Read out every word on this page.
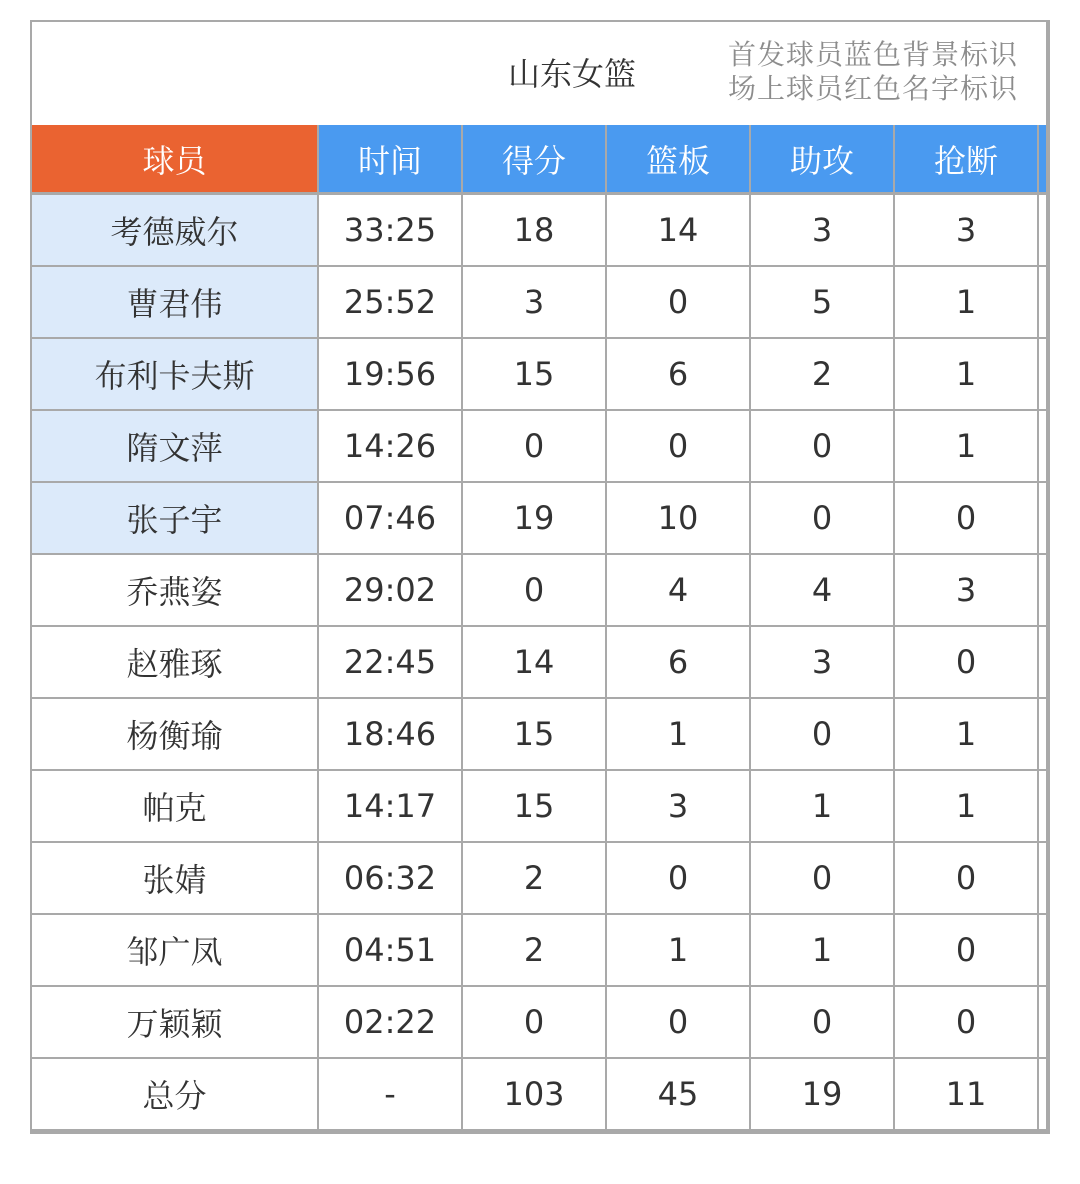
山东女篮
首发球员蓝色背景标识
场上球员红色名字标识
球员	时间	得分	篮板	助攻	抢断
考德威尔	33:25	18	14	3	3
曹君伟	25:52	3	0	5	1
布利卡夫斯	19:56	15	6	2	1
隋文萍	14:26	0	0	0	1
张子宇	07:46	19	10	0	0
乔燕姿	29:02	0	4	4	3
赵雅琢	22:45	14	6	3	0
杨衡瑜	18:46	15	1	0	1
帕克	14:17	15	3	1	1
张婧	06:32	2	0	0	0
邹广凤	04:51	2	1	1	0
万颖颖	02:22	0	0	0	0
总分	-	103	45	19	11
